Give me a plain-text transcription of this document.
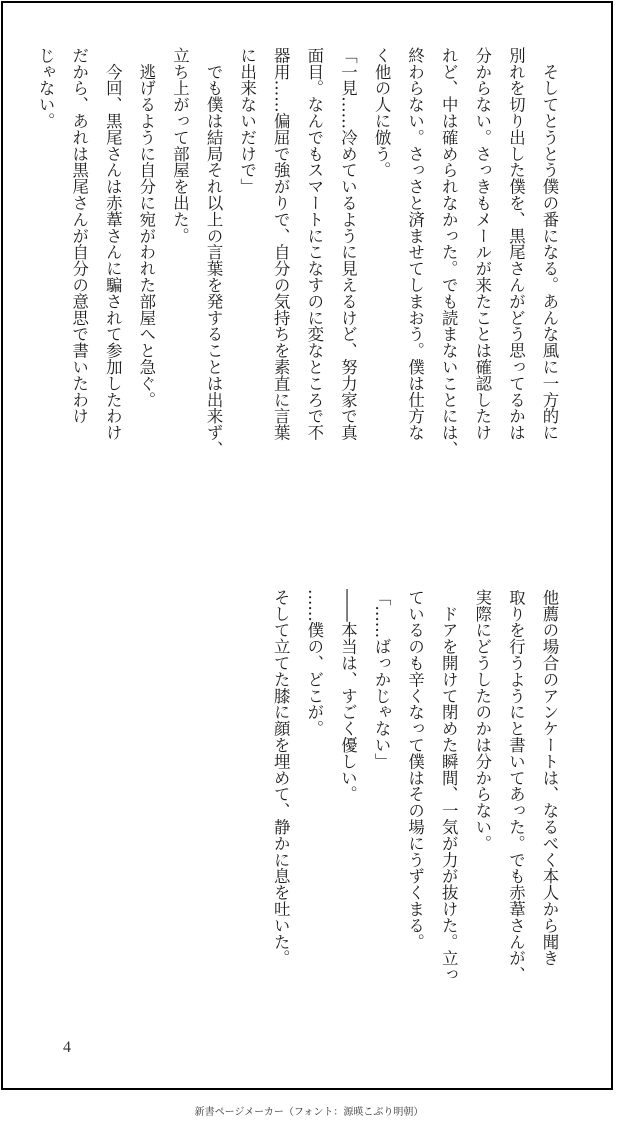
　そしてとうとう僕の番になる。あんな風に一方的に

別れを切り出した僕を、黒尾さんがどう思ってるかは

分からない。さっきもメールが来たことは確認したけ

れど、中は確められなかった。でも読まないことには、

終わらない。さっさと済ませてしまおう。僕は仕方な

く他の人に倣う。

「一見……冷めているように見えるけど、努力家で真

面目。なんでもスマートにこなすのに変なところで不

器用……偏屈で強がりで、自分の気持ちを素直に言葉

に出来ないだけで」

　でも僕は結局それ以上の言葉を発することは出来ず、

立ち上がって部屋を出た。

　逃げるように自分に宛がわれた部屋へと急ぐ。

　今回、黒尾さんは赤葦さんに騙されて参加したわけ

だから、あれは黒尾さんが自分の意思で書いたわけ

じゃない。

他薦の場合のアンケートは、なるべく本人から聞き

取りを行うようにと書いてあった。でも赤葦さんが、

実際にどうしたのかは分からない。

　ドアを開けて閉めた瞬間、一気が力が抜けた。立っ

ているのも辛くなって僕はその場にうずくまる。

「……ばっかじゃない」

――本当は、すごく優しい。

……僕の、どこが。

そして立てた膝に顔を埋めて、静かに息を吐いた。

4
新書ページメーカー（フォント：源暎こぶり明朝）
